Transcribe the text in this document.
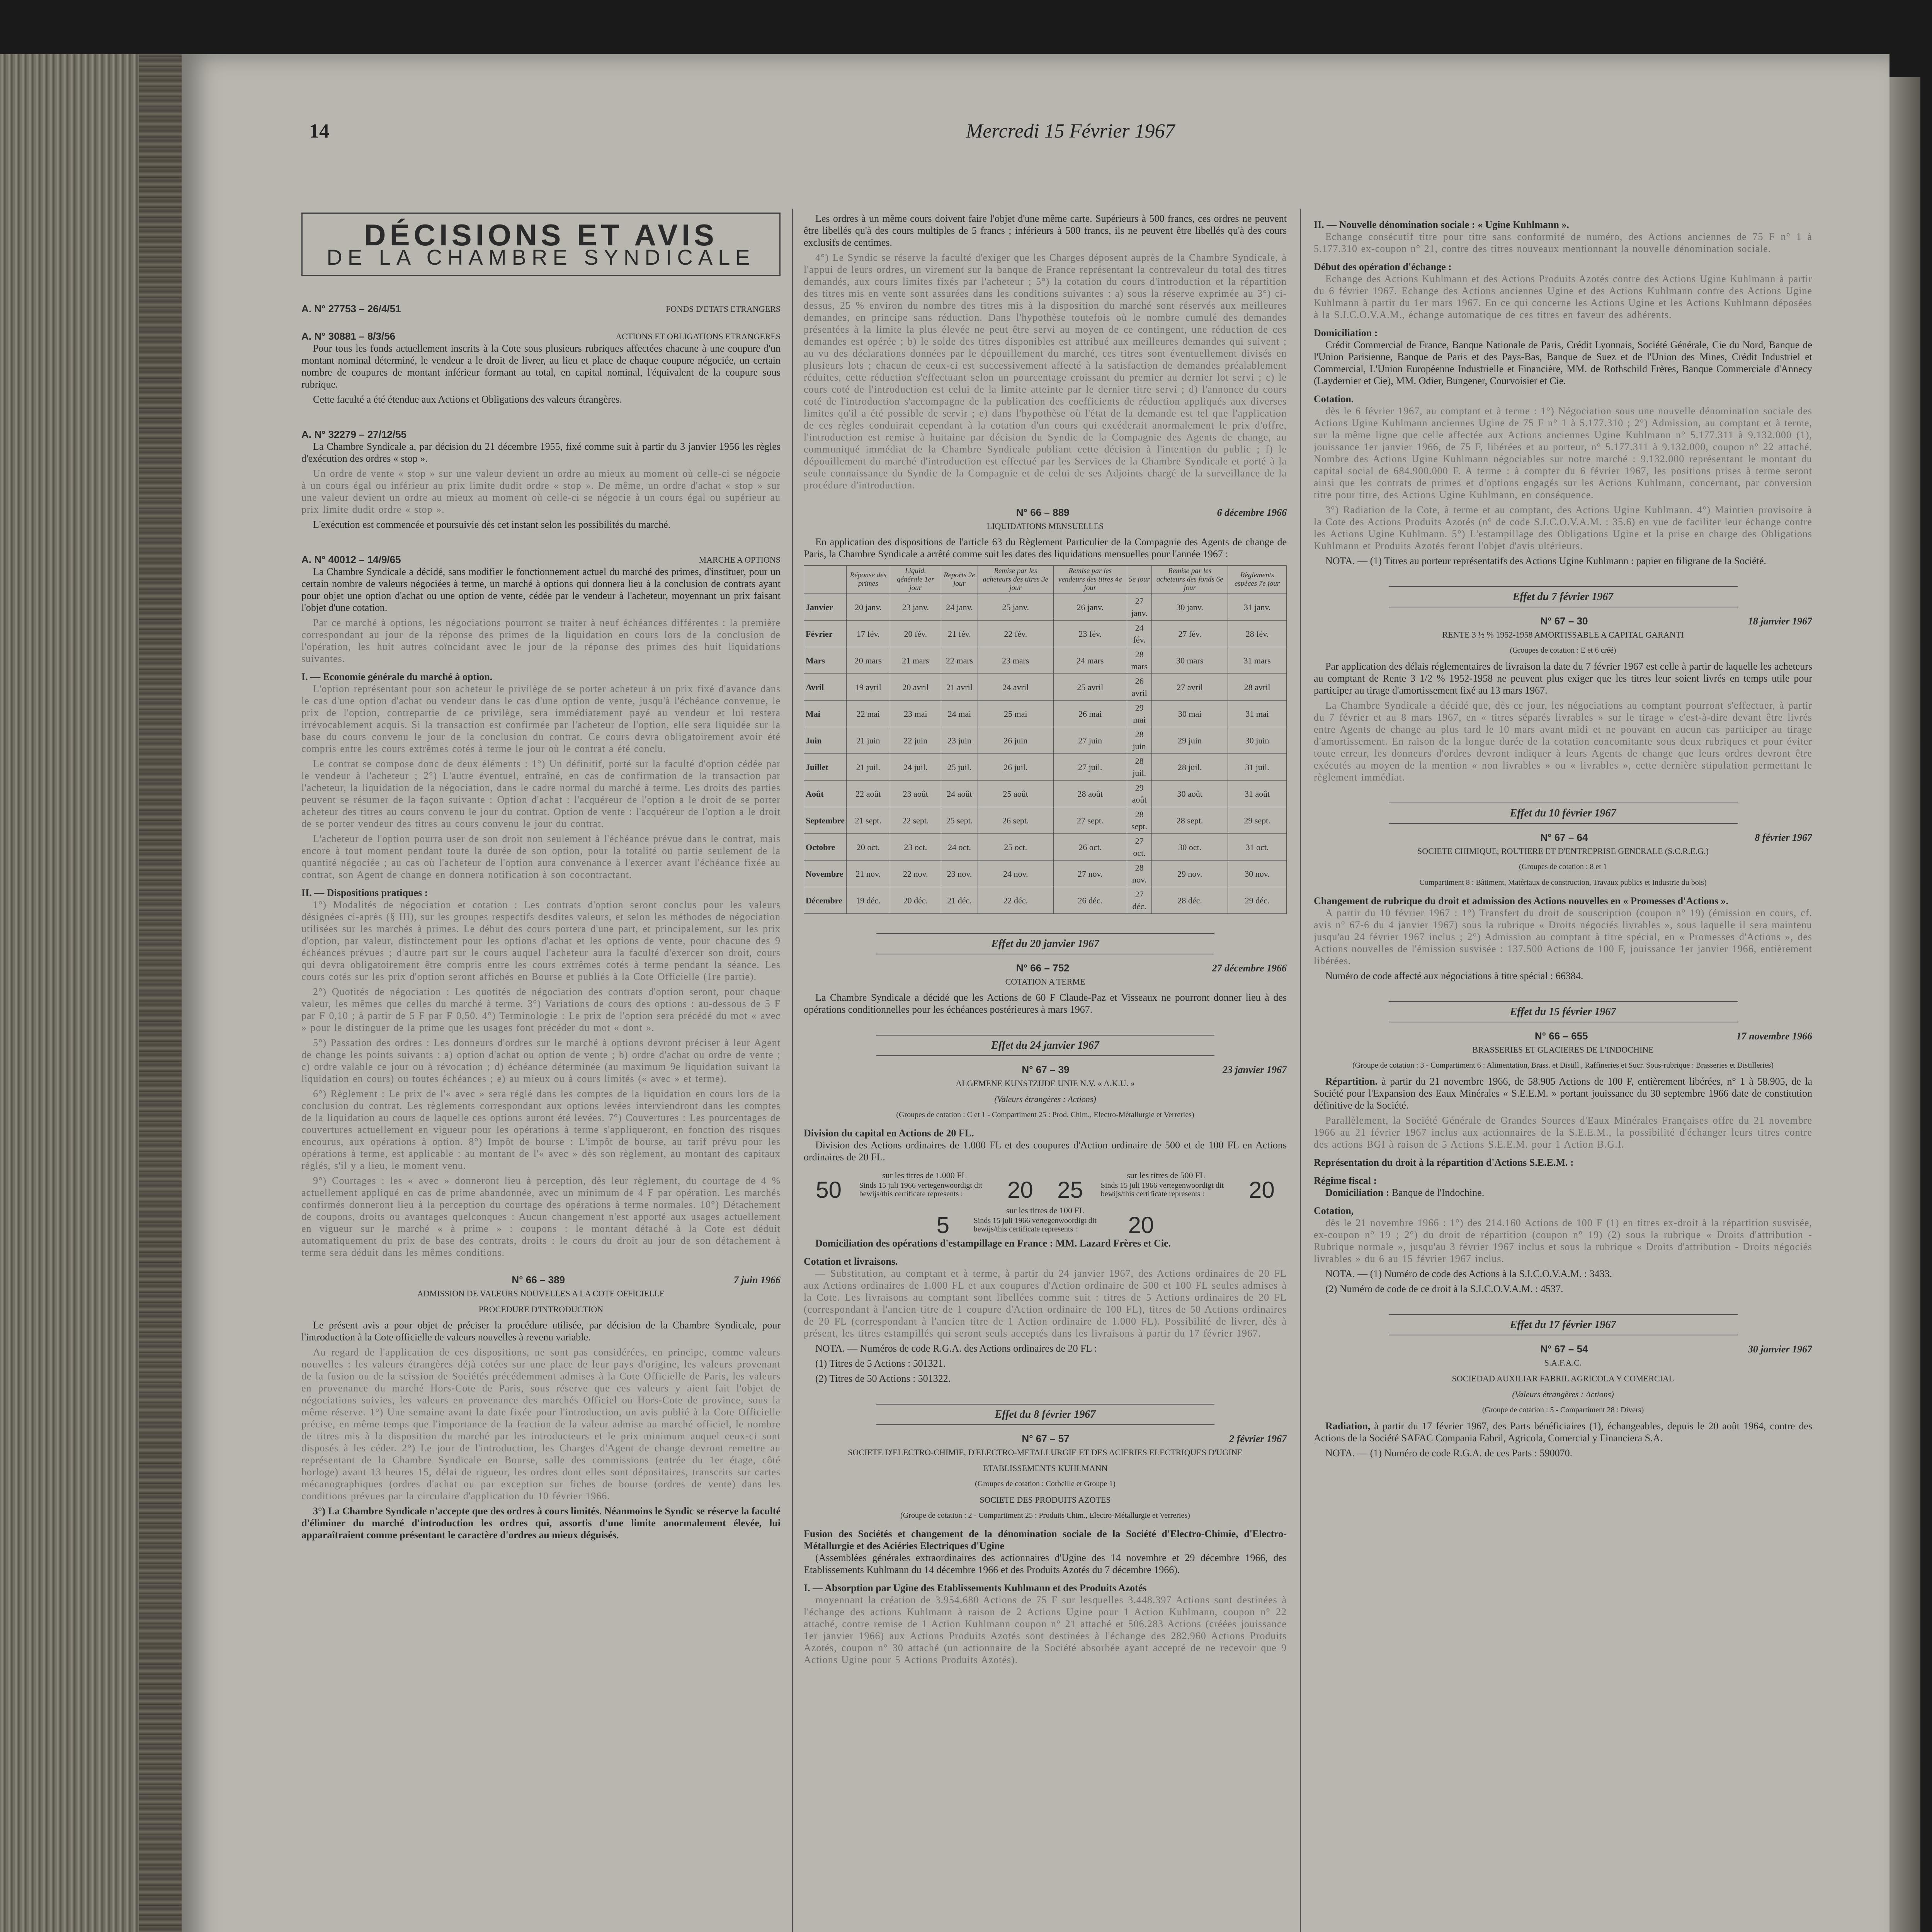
14	Mercredi 15 Février 1967
DÉCISIONS ET AVIS
DE LA CHAMBRE SYNDICALE
A. N° 27753 – 26/4/51	FONDS D'ETATS ETRANGERS
A. N° 30881 – 8/3/56	ACTIONS ET OBLIGATIONS ETRANGERES

Pour tous les fonds actuellement inscrits à la Cote sous plusieurs rubriques affectées chacune à une coupure d'un montant nominal déterminé, le vendeur a le droit de livrer, au lieu et place de chaque coupure négociée, un certain nombre de coupures de montant inférieur formant au total, en capital nominal, l'équivalent de la coupure sous rubrique.

Cette faculté a été étendue aux Actions et Obligations des valeurs étrangères.

A. N° 32279 – 27/12/55

La Chambre Syndicale a, par décision du 21 décembre 1955, fixé comme suit à partir du 3 janvier 1956 les règles d'exécution des ordres « stop ».

Un ordre de vente « stop » sur une valeur devient un ordre au mieux au moment où celle-ci se négocie à un cours égal ou inférieur au prix limite dudit ordre « stop ». De même, un ordre d'achat « stop » sur une valeur devient un ordre au mieux au moment où celle-ci se négocie à un cours égal ou supérieur au prix limite dudit ordre « stop ».

L'exécution est commencée et poursuivie dès cet instant selon les possibilités du marché.

A. N° 40012 – 14/9/65	MARCHE A OPTIONS

La Chambre Syndicale a décidé, sans modifier le fonctionnement actuel du marché des primes, d'instituer, pour un certain nombre de valeurs négociées à terme, un marché à options qui donnera lieu à la conclusion de contrats ayant pour objet une option d'achat ou une option de vente, cédée par le vendeur à l'acheteur, moyennant un prix faisant l'objet d'une cotation.

Par ce marché à options, les négociations pourront se traiter à neuf échéances différentes : la première correspondant au jour de la réponse des primes de la liquidation en cours lors de la conclusion de l'opération, les huit autres coïncidant avec le jour de la réponse des primes des huit liquidations suivantes.

I. — Economie générale du marché à option.

L'option représentant pour son acheteur le privilège de se porter acheteur à un prix fixé d'avance dans le cas d'une option d'achat ou vendeur dans le cas d'une option de vente, jusqu'à l'échéance convenue, le prix de l'option, contrepartie de ce privilège, sera immédiatement payé au vendeur et lui restera irrévocablement acquis. Si la transaction est confirmée par l'acheteur de l'option, elle sera liquidée sur la base du cours convenu le jour de la conclusion du contrat. Ce cours devra obligatoirement avoir été compris entre les cours extrêmes cotés à terme le jour où le contrat a été conclu.

Le contrat se compose donc de deux éléments : 1°) Un définitif, porté sur la faculté d'option cédée par le vendeur à l'acheteur ; 2°) L'autre éventuel, entraîné, en cas de confirmation de la transaction par l'acheteur, la liquidation de la négociation, dans le cadre normal du marché à terme. Les droits des parties peuvent se résumer de la façon suivante : Option d'achat : l'acquéreur de l'option a le droit de se porter acheteur des titres au cours convenu le jour du contrat. Option de vente : l'acquéreur de l'option a le droit de se porter vendeur des titres au cours convenu le jour du contrat.

L'acheteur de l'option pourra user de son droit non seulement à l'échéance prévue dans le contrat, mais encore à tout moment pendant toute la durée de son option, pour la totalité ou partie seulement de la quantité négociée ; au cas où l'acheteur de l'option aura convenance à l'exercer avant l'échéance fixée au contrat, son Agent de change en donnera notification à son cocontractant.

II. — Dispositions pratiques :

1°) Modalités de négociation et cotation : Les contrats d'option seront conclus pour les valeurs désignées ci-après (§ III), sur les groupes respectifs desdites valeurs, et selon les méthodes de négociation utilisées sur les marchés à primes. Le début des cours portera d'une part, et principalement, sur les prix d'option, par valeur, distinctement pour les options d'achat et les options de vente, pour chacune des 9 échéances prévues ; d'autre part sur le cours auquel l'acheteur aura la faculté d'exercer son droit, cours qui devra obligatoirement être compris entre les cours extrêmes cotés à terme pendant la séance. Les cours cotés sur les prix d'option seront affichés en Bourse et publiés à la Cote Officielle (1re partie).

2°) Quotités de négociation : Les quotités de négociation des contrats d'option seront, pour chaque valeur, les mêmes que celles du marché à terme. 3°) Variations de cours des options : au-dessous de 5 F par F 0,10 ; à partir de 5 F par F 0,50. 4°) Terminologie : Le prix de l'option sera précédé du mot « avec » pour le distinguer de la prime que les usages font précéder du mot « dont ».

5°) Passation des ordres : Les donneurs d'ordres sur le marché à options devront préciser à leur Agent de change les points suivants : a) option d'achat ou option de vente ; b) ordre d'achat ou ordre de vente ; c) ordre valable ce jour ou à révocation ; d) échéance déterminée (au maximum 9e liquidation suivant la liquidation en cours) ou toutes échéances ; e) au mieux ou à cours limités (« avec » et terme).

6°) Règlement : Le prix de l'« avec » sera réglé dans les comptes de la liquidation en cours lors de la conclusion du contrat. Les règlements correspondant aux options levées interviendront dans les comptes de la liquidation au cours de laquelle ces options auront été levées. 7°) Couvertures : Les pourcentages de couvertures actuellement en vigueur pour les opérations à terme s'appliqueront, en fonction des risques encourus, aux opérations à option. 8°) Impôt de bourse : L'impôt de bourse, au tarif prévu pour les opérations à terme, est applicable : au montant de l'« avec » dès son règlement, au montant des capitaux réglés, s'il y a lieu, le moment venu.

9°) Courtages : les « avec » donneront lieu à perception, dès leur règlement, du courtage de 4 % actuellement appliqué en cas de prime abandonnée, avec un minimum de 4 F par opération. Les marchés confirmés donneront lieu à la perception du courtage des opérations à terme normales. 10°) Détachement de coupons, droits ou avantages quelconques : Aucun changement n'est apporté aux usages actuellement en vigueur sur le marché « à prime » : coupons : le montant détaché à la Cote est déduit automatiquement du prix de base des contrats, droits : le cours du droit au jour de son détachement à terme sera déduit dans les mêmes conditions.

N° 66 – 389	7 juin 1966
ADMISSION DE VALEURS NOUVELLES A LA COTE OFFICIELLE
PROCEDURE D'INTRODUCTION

Le présent avis a pour objet de préciser la procédure utilisée, par décision de la Chambre Syndicale, pour l'introduction à la Cote officielle de valeurs nouvelles à revenu variable.

Au regard de l'application de ces dispositions, ne sont pas considérées, en principe, comme valeurs nouvelles : les valeurs étrangères déjà cotées sur une place de leur pays d'origine, les valeurs provenant de la fusion ou de la scission de Sociétés précédemment admises à la Cote Officielle de Paris, les valeurs en provenance du marché Hors-Cote de Paris, sous réserve que ces valeurs y aient fait l'objet de négociations suivies, les valeurs en provenance des marchés Officiel ou Hors-Cote de province, sous la même réserve. 1°) Une semaine avant la date fixée pour l'introduction, un avis publié à la Cote Officielle précise, en même temps que l'importance de la fraction de la valeur admise au marché officiel, le nombre de titres mis à la disposition du marché par les introducteurs et le prix minimum auquel ceux-ci sont disposés à les céder. 2°) Le jour de l'introduction, les Charges d'Agent de change devront remettre au représentant de la Chambre Syndicale en Bourse, salle des commissions (entrée du 1er étage, côté horloge) avant 13 heures 15, délai de rigueur, les ordres dont elles sont dépositaires, transcrits sur cartes mécanographiques (ordres d'achat ou par exception sur fiches de bourse (ordres de vente) dans les conditions prévues par la circulaire d'application du 10 février 1966.

3°) La Chambre Syndicale n'accepte que des ordres à cours limités. Néanmoins le Syndic se réserve la faculté d'éliminer du marché d'introduction les ordres qui, assortis d'une limite anormalement élevée, lui apparaîtraient comme présentant le caractère d'ordres au mieux déguisés.

Les ordres à un même cours doivent faire l'objet d'une même carte. Supérieurs à 500 francs, ces ordres ne peuvent être libellés qu'à des cours multiples de 5 francs ; inférieurs à 500 francs, ils ne peuvent être libellés qu'à des cours exclusifs de centimes.

4°) Le Syndic se réserve la faculté d'exiger que les Charges déposent auprès de la Chambre Syndicale, à l'appui de leurs ordres, un virement sur la banque de France représentant la contrevaleur du total des titres demandés, aux cours limites fixés par l'acheteur ; 5°) la cotation du cours d'introduction et la répartition des titres mis en vente sont assurées dans les conditions suivantes : a) sous la réserve exprimée au 3°) ci-dessus, 25 % environ du nombre des titres mis à la disposition du marché sont réservés aux meilleures demandes, en principe sans réduction. Dans l'hypothèse toutefois où le nombre cumulé des demandes présentées à la limite la plus élevée ne peut être servi au moyen de ce contingent, une réduction de ces demandes est opérée ; b) le solde des titres disponibles est attribué aux meilleures demandes qui suivent ; au vu des déclarations données par le dépouillement du marché, ces titres sont éventuellement divisés en plusieurs lots ; chacun de ceux-ci est successivement affecté à la satisfaction de demandes préalablement réduites, cette réduction s'effectuant selon un pourcentage croissant du premier au dernier lot servi ; c) le cours coté de l'introduction est celui de la limite atteinte par le dernier titre servi ; d) l'annonce du cours coté de l'introduction s'accompagne de la publication des coefficients de réduction appliqués aux diverses limites qu'il a été possible de servir ; e) dans l'hypothèse où l'état de la demande est tel que l'application de ces règles conduirait cependant à la cotation d'un cours qui excéderait anormalement le prix d'offre, l'introduction est remise à huitaine par décision du Syndic de la Compagnie des Agents de change, au communiqué immédiat de la Chambre Syndicale publiant cette décision à l'intention du public ; f) le dépouillement du marché d'introduction est effectué par les Services de la Chambre Syndicale et porté à la seule connaissance du Syndic de la Compagnie et de celui de ses Adjoints chargé de la surveillance de la procédure d'introduction.

N° 66 – 889	6 décembre 1966
LIQUIDATIONS MENSUELLES

En application des dispositions de l'article 63 du Règlement Particulier de la Compagnie des Agents de change de Paris, la Chambre Syndicale a arrêté comme suit les dates des liquidations mensuelles pour l'année 1967 :

	Réponse des primes	Liquid. générale 1er jour	Reports 2e jour	Remise par les acheteurs des titres 3e jour	Remise par les vendeurs des titres 4e jour	5e jour	Remise par les acheteurs des fonds 6e jour	Règlements espèces 7e jour
Janvier	20 janv.	23 janv.	24 janv.	25 janv.	26 janv.	27 janv.	30 janv.	31 janv.
Février	17 fév.	20 fév.	21 fév.	22 fév.	23 fév.	24 fév.	27 fév.	28 fév.
Mars	20 mars	21 mars	22 mars	23 mars	24 mars	28 mars	30 mars	31 mars
Avril	19 avril	20 avril	21 avril	24 avril	25 avril	26 avril	27 avril	28 avril
Mai	22 mai	23 mai	24 mai	25 mai	26 mai	29 mai	30 mai	31 mai
Juin	21 juin	22 juin	23 juin	26 juin	27 juin	28 juin	29 juin	30 juin
Juillet	21 juil.	24 juil.	25 juil.	26 juil.	27 juil.	28 juil.	28 juil.	31 juil.
Août	22 août	23 août	24 août	25 août	28 août	29 août	30 août	31 août
Septembre	21 sept.	22 sept.	25 sept.	26 sept.	27 sept.	28 sept.	28 sept.	29 sept.
Octobre	20 oct.	23 oct.	24 oct.	25 oct.	26 oct.	27 oct.	30 oct.	31 oct.
Novembre	21 nov.	22 nov.	23 nov.	24 nov.	27 nov.	28 nov.	29 nov.	30 nov.
Décembre	19 déc.	20 déc.	21 déc.	22 déc.	26 déc.	27 déc.	28 déc.	29 déc.
Effet du 20 janvier 1967
N° 66 – 752	27 décembre 1966
COTATION A TERME

La Chambre Syndicale a décidé que les Actions de 60 F Claude-Paz et Visseaux ne pourront donner lieu à des opérations conditionnelles pour les échéances postérieures à mars 1967.

Effet du 24 janvier 1967
N° 67 – 39	23 janvier 1967
ALGEMENE KUNSTZIJDE UNIE N.V. « A.K.U. »
(Valeurs étrangères : Actions)
(Groupes de cotation : C et 1 - Compartiment 25 : Prod. Chim., Electro-Métallurgie et Verreries)
Division du capital en Actions de 20 FL.

Division des Actions ordinaires de 1.000 FL et des coupures d'Action ordinaire de 500 et de 100 FL en Actions ordinaires de 20 FL.

sur les titres de 1.000 FL
50 Sinds 15 juli 1966 vertegenwoordigt dit bewijs/this certificate represents :	20
sur les titres de 500 FL
25 Sinds 15 juli 1966 vertegenwoordigt dit bewijs/this certificate represents :	20
sur les titres de 100 FL
5	Sinds 15 juli 1966 vertegenwoordigt dit bewijs/this certificate represents :	20

Domiciliation des opérations d'estampillage en France : MM. Lazard Frères et Cie.

Cotation et livraisons.

— Substitution, au comptant et à terme, à partir du 24 janvier 1967, des Actions ordinaires de 20 FL aux Actions ordinaires de 1.000 FL et aux coupures d'Action ordinaire de 500 et 100 FL seules admises à la Cote. Les livraisons au comptant sont libellées comme suit : titres de 5 Actions ordinaires de 20 FL (correspondant à l'ancien titre de 1 coupure d'Action ordinaire de 100 FL), titres de 50 Actions ordinaires de 20 FL (correspondant à l'ancien titre de 1 Action ordinaire de 1.000 FL). Possibilité de livrer, dès à présent, les titres estampillés qui seront seuls acceptés dans les livraisons à partir du 17 février 1967.

NOTA. — Numéros de code R.G.A. des Actions ordinaires de 20 FL :

(1) Titres de 5 Actions : 501321.

(2) Titres de 50 Actions : 501322.

Effet du 8 février 1967
N° 67 – 57	2 février 1967
SOCIETE D'ELECTRO-CHIMIE, D'ELECTRO-METALLURGIE ET DES ACIERIES ELECTRIQUES D'UGINE
ETABLISSEMENTS KUHLMANN
(Groupes de cotation : Corbeille et Groupe 1)
SOCIETE DES PRODUITS AZOTES
(Groupe de cotation : 2 - Compartiment 25 : Produits Chim., Electro-Métallurgie et Verreries)
Fusion des Sociétés et changement de la dénomination sociale de la Société d'Electro-Chimie, d'Electro-Métallurgie et des Aciéries Electriques d'Ugine

(Assemblées générales extraordinaires des actionnaires d'Ugine des 14 novembre et 29 décembre 1966, des Etablissements Kuhlmann du 14 décembre 1966 et des Produits Azotés du 7 décembre 1966).

I. — Absorption par Ugine des Etablissements Kuhlmann et des Produits Azotés

moyennant la création de 3.954.680 Actions de 75 F sur lesquelles 3.448.397 Actions sont destinées à l'échange des actions Kuhlmann à raison de 2 Actions Ugine pour 1 Action Kuhlmann, coupon n° 22 attaché, contre remise de 1 Action Kuhlmann coupon n° 21 attaché et 506.283 Actions (créées jouissance 1er janvier 1966) aux Actions Produits Azotés sont destinées à l'échange des 282.960 Actions Produits Azotés, coupon n° 30 attaché (un actionnaire de la Société absorbée ayant accepté de ne recevoir que 9 Actions Ugine pour 5 Actions Produits Azotés).

II. — Nouvelle dénomination sociale : « Ugine Kuhlmann ».

Echange consécutif titre pour titre sans conformité de numéro, des Actions anciennes de 75 F n° 1 à 5.177.310 ex-coupon n° 21, contre des titres nouveaux mentionnant la nouvelle dénomination sociale.

Début des opération d'échange :

Echange des Actions Kuhlmann et des Actions Produits Azotés contre des Actions Ugine Kuhlmann à partir du 6 février 1967. Echange des Actions anciennes Ugine et des Actions Kuhlmann contre des Actions Ugine Kuhlmann à partir du 1er mars 1967. En ce qui concerne les Actions Ugine et les Actions Kuhlmann déposées à la S.I.C.O.V.A.M., échange automatique de ces titres en faveur des adhérents.

Domiciliation :

Crédit Commercial de France, Banque Nationale de Paris, Crédit Lyonnais, Société Générale, Cie du Nord, Banque de l'Union Parisienne, Banque de Paris et des Pays-Bas, Banque de Suez et de l'Union des Mines, Crédit Industriel et Commercial, L'Union Européenne Industrielle et Financière, MM. de Rothschild Frères, Banque Commerciale d'Annecy (Laydernier et Cie), MM. Odier, Bungener, Courvoisier et Cie.

Cotation.

dès le 6 février 1967, au comptant et à terme : 1°) Négociation sous une nouvelle dénomination sociale des Actions Ugine Kuhlmann anciennes Ugine de 75 F n° 1 à 5.177.310 ; 2°) Admission, au comptant et à terme, sur la même ligne que celle affectée aux Actions anciennes Ugine Kuhlmann n° 5.177.311 à 9.132.000 (1), jouissance 1er janvier 1966, de 75 F, libérées et au porteur, n° 5.177.311 à 9.132.000, coupon n° 22 attaché. Nombre des Actions Ugine Kuhlmann négociables sur notre marché : 9.132.000 représentant le montant du capital social de 684.900.000 F. A terme : à compter du 6 février 1967, les positions prises à terme seront ainsi que les contrats de primes et d'options engagés sur les Actions Kuhlmann, concernant, par conversion titre pour titre, des Actions Ugine Kuhlmann, en conséquence.

3°) Radiation de la Cote, à terme et au comptant, des Actions Ugine Kuhlmann. 4°) Maintien provisoire à la Cote des Actions Produits Azotés (n° de code S.I.C.O.V.A.M. : 35.6) en vue de faciliter leur échange contre les Actions Ugine Kuhlmann. 5°) L'estampillage des Obligations Ugine et la prise en charge des Obligations Kuhlmann et Produits Azotés feront l'objet d'avis ultérieurs.

NOTA. — (1) Titres au porteur représentatifs des Actions Ugine Kuhlmann : papier en filigrane de la Société.

Effet du 7 février 1967
N° 67 – 30	18 janvier 1967
RENTE 3 ½ % 1952-1958 AMORTISSABLE A CAPITAL GARANTI
(Groupes de cotation : E et 6 créé)

Par application des délais réglementaires de livraison la date du 7 février 1967 est celle à partir de laquelle les acheteurs au comptant de Rente 3 1/2 % 1952-1958 ne peuvent plus exiger que les titres leur soient livrés en temps utile pour participer au tirage d'amortissement fixé au 13 mars 1967.

La Chambre Syndicale a décidé que, dès ce jour, les négociations au comptant pourront s'effectuer, à partir du 7 février et au 8 mars 1967, en « titres séparés livrables » sur le tirage » c'est-à-dire devant être livrés entre Agents de change au plus tard le 10 mars avant midi et ne pouvant en aucun cas participer au tirage d'amortissement. En raison de la longue durée de la cotation concomitante sous deux rubriques et pour éviter toute erreur, les donneurs d'ordres devront indiquer à leurs Agents de change que leurs ordres devront être exécutés au moyen de la mention « non livrables » ou « livrables », cette dernière stipulation permettant le règlement immédiat.

Effet du 10 février 1967
N° 67 – 64	8 février 1967
SOCIETE CHIMIQUE, ROUTIERE ET D'ENTREPRISE GENERALE (S.C.R.E.G.)
(Groupes de cotation : 8 et 1
Compartiment 8 : Bâtiment, Matériaux de construction, Travaux publics et Industrie du bois)
Changement de rubrique du droit et admission des Actions nouvelles en « Promesses d'Actions ».

A partir du 10 février 1967 : 1°) Transfert du droit de souscription (coupon n° 19) (émission en cours, cf. avis n° 67-6 du 4 janvier 1967) sous la rubrique « Droits négociés livrables », sous laquelle il sera maintenu jusqu'au 24 février 1967 inclus ; 2°) Admission au comptant à titre spécial, en « Promesses d'Actions », des Actions nouvelles de l'émission susvisée : 137.500 Actions de 100 F, jouissance 1er janvier 1966, entièrement libérées.

Numéro de code affecté aux négociations à titre spécial : 66384.

Effet du 15 février 1967
N° 66 – 655	17 novembre 1966
BRASSERIES ET GLACIERES DE L'INDOCHINE
(Groupe de cotation : 3 - Compartiment 6 : Alimentation, Brass. et Distill., Raffineries et Sucr. Sous-rubrique : Brasseries et Distilleries)

Répartition. à partir du 21 novembre 1966, de 58.905 Actions de 100 F, entièrement libérées, n° 1 à 58.905, de la Société pour l'Expansion des Eaux Minérales « S.E.E.M. » portant jouissance du 30 septembre 1966 date de constitution définitive de la Société.

Parallèlement, la Société Générale de Grandes Sources d'Eaux Minérales Françaises offre du 21 novembre 1966 au 21 février 1967 inclus aux actionnaires de la S.E.E.M., la possibilité d'échanger leurs titres contre des actions BGI à raison de 5 Actions S.E.E.M. pour 1 Action B.G.I.

Représentation du droit à la répartition d'Actions S.E.E.M. :
Régime fiscal :

Domiciliation : Banque de l'Indochine.

Cotation,

dès le 21 novembre 1966 : 1°) des 214.160 Actions de 100 F (1) en titres ex-droit à la répartition susvisée, ex-coupon n° 19 ; 2°) du droit de répartition (coupon n° 19) (2) sous la rubrique « Droits d'attribution - Rubrique normale », jusqu'au 3 février 1967 inclus et sous la rubrique « Droits d'attribution - Droits négociés livrables » du 6 au 15 février 1967 inclus.

NOTA. — (1) Numéro de code des Actions à la S.I.C.O.V.A.M. : 3433.

(2) Numéro de code de ce droit à la S.I.C.O.V.A.M. : 4537.

Effet du 17 février 1967
N° 67 – 54	30 janvier 1967
S.A.F.A.C.
SOCIEDAD AUXILIAR FABRIL AGRICOLA Y COMERCIAL
(Valeurs étrangères : Actions)
(Groupe de cotation : 5 - Compartiment 28 : Divers)

Radiation, à partir du 17 février 1967, des Parts bénéficiaires (1), échangeables, depuis le 20 août 1964, contre des Actions de la Société SAFAC Compania Fabril, Agricola, Comercial y Financiera S.A.

NOTA. — (1) Numéro de code R.G.A. de ces Parts : 590070.
